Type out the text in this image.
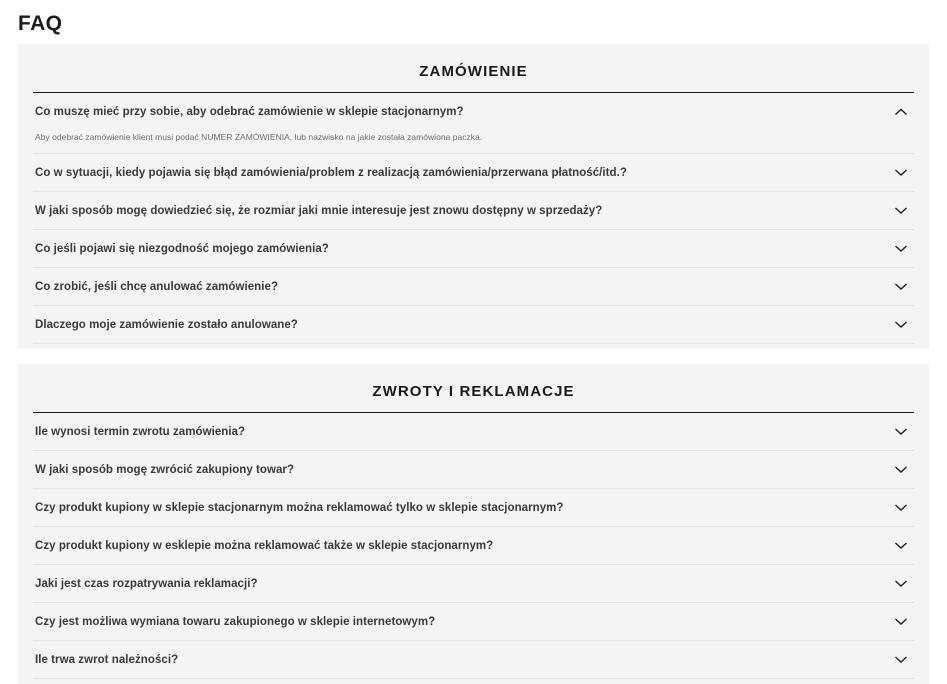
FAQ
ZAMÓWIENIE
Co muszę mieć przy sobie, aby odebrać zamówienie w sklepie stacjonarnym?
Aby odebrać zamówienie klient musi podać NUMER ZAMÓWIENIA, lub nazwisko na jakie została zamówiona paczka.
Co w sytuacji, kiedy pojawia się błąd zamówienia/problem z realizacją zamówienia/przerwana płatność/itd.?
W jaki sposób mogę dowiedzieć się, że rozmiar jaki mnie interesuje jest znowu dostępny w sprzedaży?
Co jeśli pojawi się niezgodność mojego zamówienia?
Co zrobić, jeśli chcę anulować zamówienie?
Dlaczego moje zamówienie zostało anulowane?
ZWROTY I REKLAMACJE
Ile wynosi termin zwrotu zamówienia?
W jaki sposób mogę zwrócić zakupiony towar?
Czy produkt kupiony w sklepie stacjonarnym można reklamować tylko w sklepie stacjonarnym?
Czy produkt kupiony w esklepie można reklamować także w sklepie stacjonarnym?
Jaki jest czas rozpatrywania reklamacji?
Czy jest możliwa wymiana towaru zakupionego w sklepie internetowym?
Ile trwa zwrot należności?
